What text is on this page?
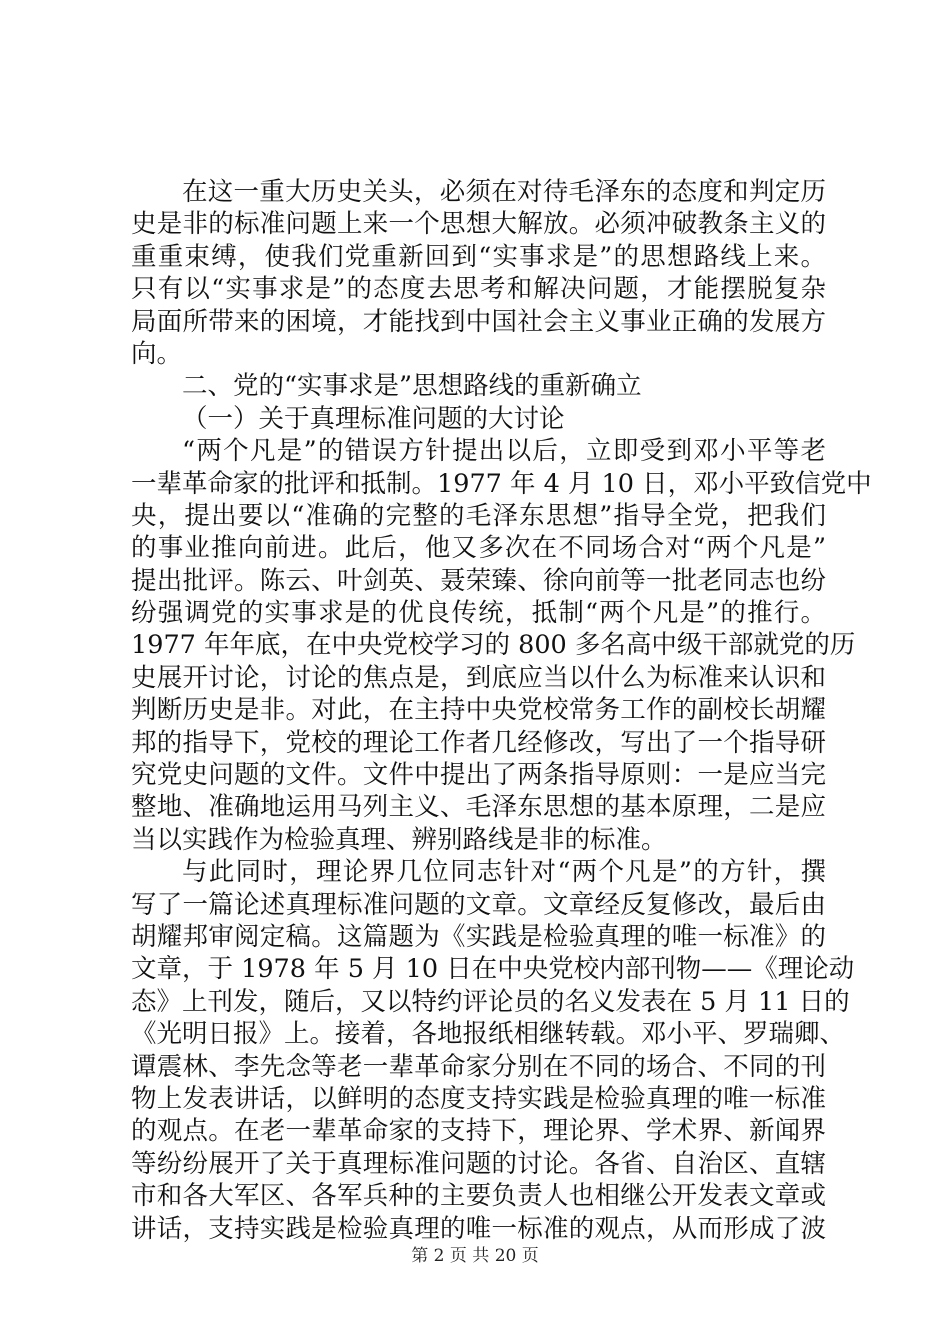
在这一重大历史关头，必须在对待毛泽东的态度和判定历
史是非的标准问题上来一个思想大解放。必须冲破教条主义的
重重束缚，使我们党重新回到“实事求是”的思想路线上来。
只有以“实事求是”的态度去思考和解决问题，才能摆脱复杂
局面所带来的困境，才能找到中国社会主义事业正确的发展方
向。
二、党的“实事求是”思想路线的重新确立
（一）关于真理标准问题的大讨论
“两个凡是”的错误方针提出以后，立即受到邓小平等老
一辈革命家的批评和抵制。1977 年 4 月 10 日，邓小平致信党中
央，提出要以“准确的完整的毛泽东思想”指导全党，把我们
的事业推向前进。此后，他又多次在不同场合对“两个凡是”
提出批评。陈云、叶剑英、聂荣臻、徐向前等一批老同志也纷
纷强调党的实事求是的优良传统，抵制“两个凡是”的推行。
1977 年年底，在中央党校学习的 800 多名高中级干部就党的历
史展开讨论，讨论的焦点是，到底应当以什么为标准来认识和
判断历史是非。对此，在主持中央党校常务工作的副校长胡耀
邦的指导下，党校的理论工作者几经修改，写出了一个指导研
究党史问题的文件。文件中提出了两条指导原则：一是应当完
整地、准确地运用马列主义、毛泽东思想的基本原理，二是应
当以实践作为检验真理、辨别路线是非的标准。
与此同时，理论界几位同志针对“两个凡是”的方针，撰
写了一篇论述真理标准问题的文章。文章经反复修改，最后由
胡耀邦审阅定稿。这篇题为《实践是检验真理的唯一标准》的
文章，于 1978 年 5 月 10 日在中央党校内部刊物——《理论动
态》上刊发，随后，又以特约评论员的名义发表在 5 月 11 日的
《光明日报》上。接着，各地报纸相继转载。邓小平、罗瑞卿、
谭震林、李先念等老一辈革命家分别在不同的场合、不同的刊
物上发表讲话，以鲜明的态度支持实践是检验真理的唯一标准
的观点。在老一辈革命家的支持下，理论界、学术界、新闻界
等纷纷展开了关于真理标准问题的讨论。各省、自治区、直辖
市和各大军区、各军兵种的主要负责人也相继公开发表文章或
讲话，支持实践是检验真理的唯一标准的观点，从而形成了波
第 2 页 共 20 页
